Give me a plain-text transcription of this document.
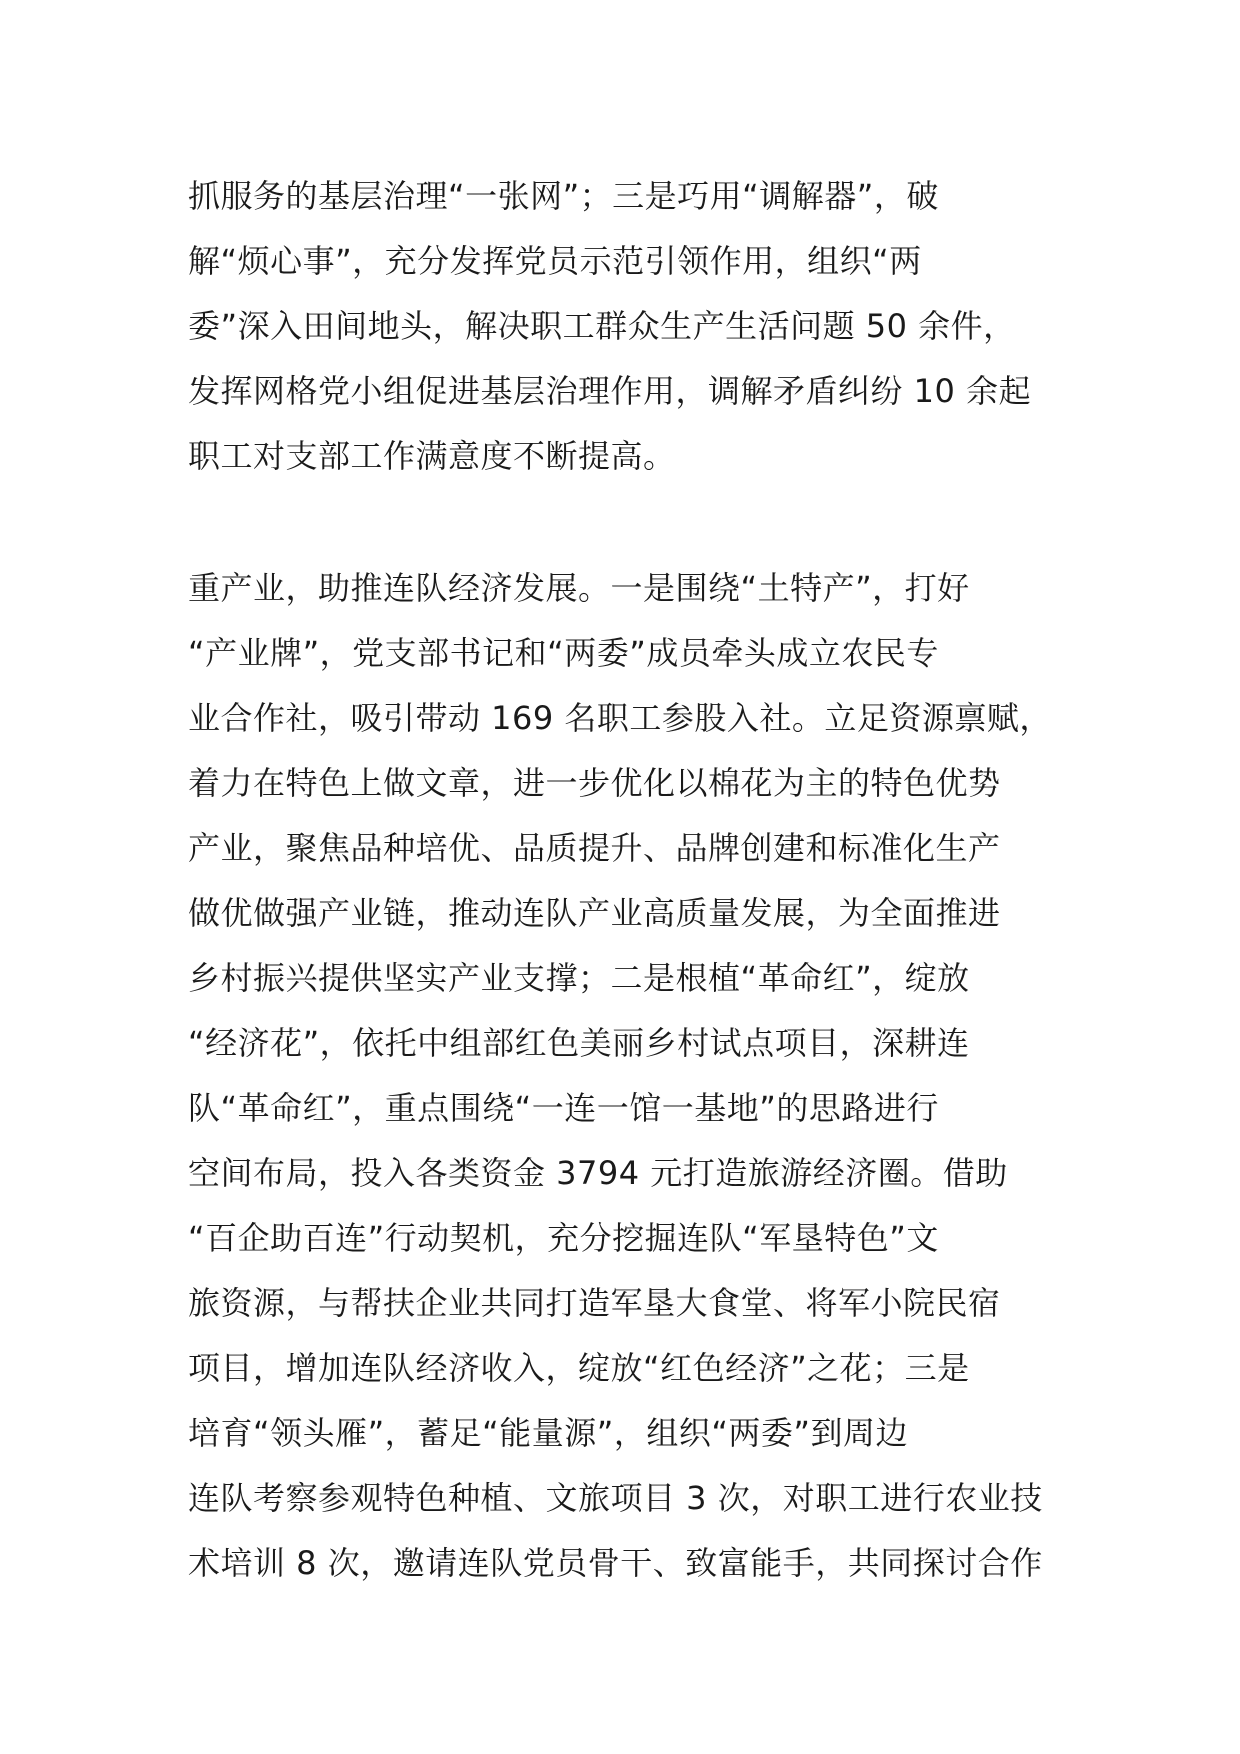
抓服务的基层治理“一张网”；三是巧用“调解器”，破
解“烦心事”，充分发挥党员示范引领作用，组织“两
委”深入田间地头，解决职工群众生产生活问题 50 余件，
发挥网格党小组促进基层治理作用，调解矛盾纠纷 10 余起
职工对支部工作满意度不断提高。
重产业，助推连队经济发展。一是围绕“土特产”，打好
“产业牌”，党支部书记和“两委”成员牵头成立农民专
业合作社，吸引带动 169 名职工参股入社。立足资源禀赋，
着力在特色上做文章，进一步优化以棉花为主的特色优势
产业，聚焦品种培优、品质提升、品牌创建和标准化生产
做优做强产业链，推动连队产业高质量发展，为全面推进
乡村振兴提供坚实产业支撑；二是根植“革命红”，绽放
“经济花”，依托中组部红色美丽乡村试点项目，深耕连
队“革命红”，重点围绕“一连一馆一基地”的思路进行
空间布局，投入各类资金 3794 元打造旅游经济圈。借助
“百企助百连”行动契机，充分挖掘连队“军垦特色”文
旅资源，与帮扶企业共同打造军垦大食堂、将军小院民宿
项目，增加连队经济收入，绽放“红色经济”之花；三是
培育“领头雁”，蓄足“能量源”，组织“两委”到周边
连队考察参观特色种植、文旅项目 3 次，对职工进行农业技
术培训 8 次，邀请连队党员骨干、致富能手，共同探讨合作
